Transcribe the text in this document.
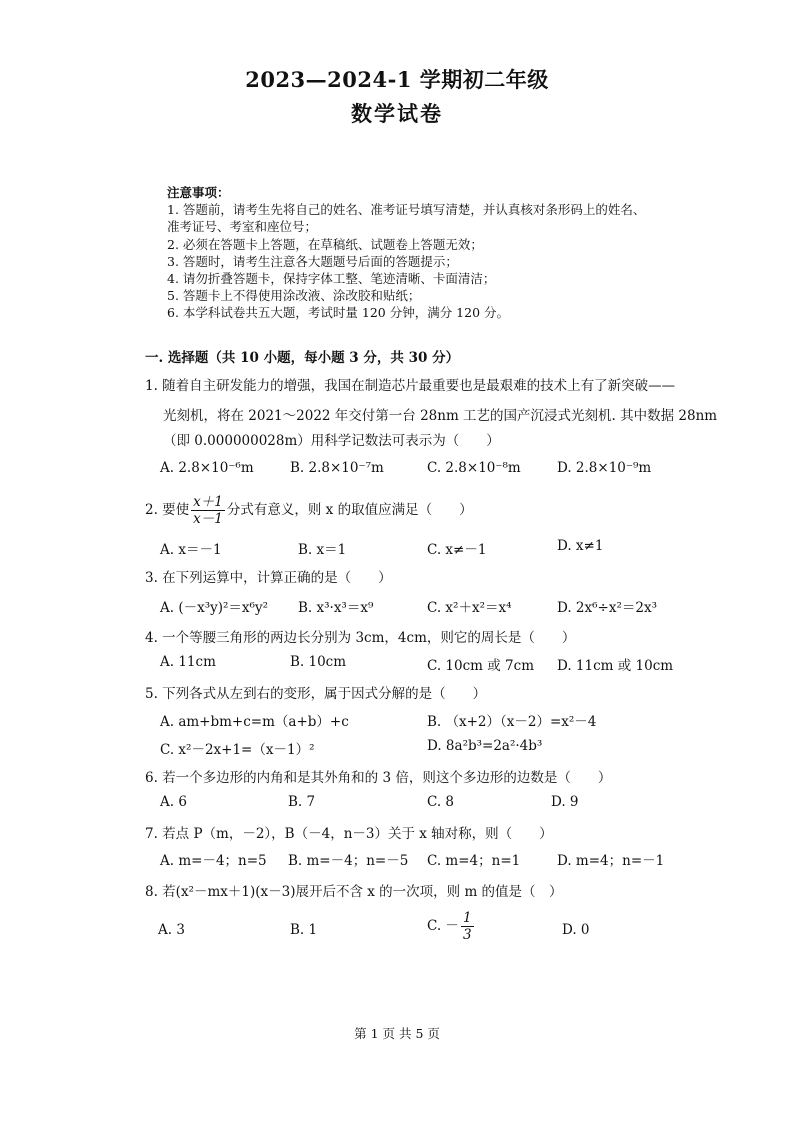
2023—2024-1 学期初二年级
数学试卷

注意事项：

1. 答题前，请考生先将自己的姓名、准考证号填写清楚，并认真核对条形码上的姓名、

准考证号、考室和座位号；

2. 必须在答题卡上答题，在草稿纸、试题卷上答题无效；

3. 答题时，请考生注意各大题题号后面的答题提示；

4. 请勿折叠答题卡，保持字体工整、笔迹清晰、卡面清洁；

5. 答题卡上不得使用涂改液、涂改胶和贴纸；

6. 本学科试卷共五大题，考试时量 120 分钟，满分 120 分。

一. 选择题（共 10 小题，每小题 3 分，共 30 分）
1. 随着自主研发能力的增强，我国在制造芯片最重要也是最艰难的技术上有了新突破——
光刻机，将在 2021～2022 年交付第一台 28nm 工艺的国产沉浸式光刻机. 其中数据 28nm
（即 0.000000028m）用科学记数法可表示为（　　）
A. 2.8×10⁻⁶m	B. 2.8×10⁻⁷m	C. 2.8×10⁻⁸m	D. 2.8×10⁻⁹m
2. 要使 $\frac{x+1}{x-1}$ 分式有意义，则 x 的取值应满足（　　）
A. x＝－1	B. x＝1	C. x≠－1	D. x≠1
3. 在下列运算中，计算正确的是（　　）
A. (－x³y)²＝x⁶y² B. x³·x³＝x⁹	C. x²＋x²＝x⁴	D. 2x⁶÷x²＝2x³
4. 一个等腰三角形的两边长分别为 3cm，4cm，则它的周长是（　　）
A. 11cm	B. 10cm	C. 10cm 或 7cm D. 11cm 或 10cm
5. 下列各式从左到右的变形，属于因式分解的是（　　）
A. am+bm+c=m（a+b）+c	B. （x+2）（x－2）=x²－4
C. x²－2x+1=（x－1）²	D. 8a²b³=2a²·4b³
6. 若一个多边形的内角和是其外角和的 3 倍，则这个多边形的边数是（　　）
A. 6	B. 7	C. 8	D. 9
7. 若点 P（m，－2），B（－4，n－3）关于 x 轴对称，则（　　）
A. m=－4；n=5 B. m=－4；n=－5 C. m=4；n=1	D. m=4；n=－1
8. 若(x²－mx＋1)(x－3)展开后不含 x 的一次项，则 m 的值是（　）
A. 3	B. 1	C. － $\frac{1}{3}$	D. 0
第 1 页 共 5 页
